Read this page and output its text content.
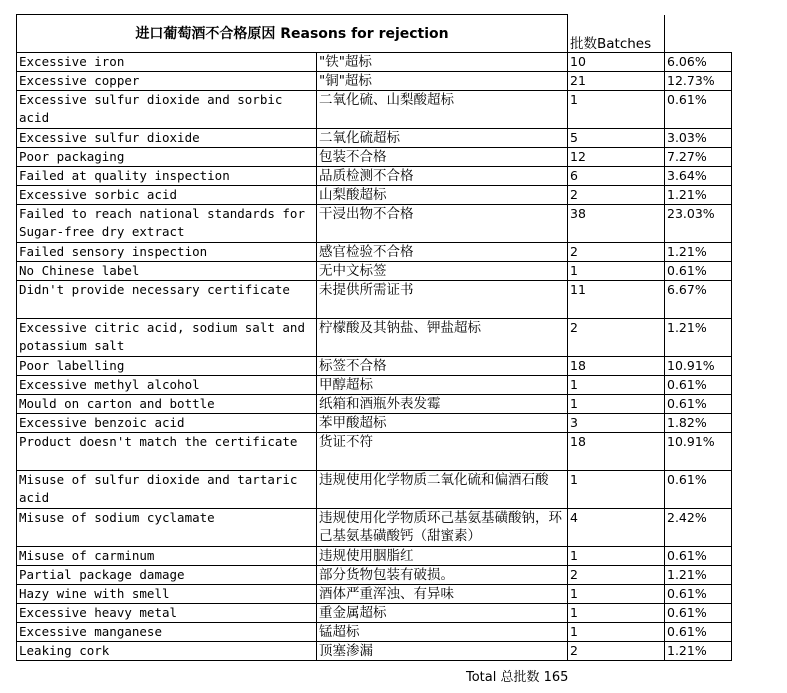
进口葡萄酒不合格原因 Reasons for rejection		批数Batches	
Excessive iron	"铁"超标	10	6.06%
Excessive copper	"铜"超标	21	12.73%
Excessive sulfur dioxide and sorbic acid	二氧化硫、山梨酸超标	1	0.61%
Excessive sulfur dioxide	二氧化硫超标	5	3.03%
Poor packaging	包装不合格	12	7.27%
Failed at quality inspection	品质检测不合格	6	3.64%
Excessive sorbic acid	山梨酸超标	2	1.21%
Failed to reach national standards for Sugar-free dry extract	干浸出物不合格	38	23.03%
Failed sensory inspection	感官检验不合格	2	1.21%
No Chinese label	无中文标签	1	0.61%
Didn't provide necessary certificate	未提供所需证书	11	6.67%
Excessive citric acid, sodium salt and potassium salt	柠檬酸及其钠盐、钾盐超标	2	1.21%
Poor labelling	标签不合格	18	10.91%
Excessive methyl alcohol	甲醇超标	1	0.61%
Mould on carton and bottle	纸箱和酒瓶外表发霉	1	0.61%
Excessive benzoic acid	苯甲酸超标	3	1.82%
Product doesn't match the certificate	货证不符	18	10.91%
Misuse of sulfur dioxide and tartaric acid	违规使用化学物质二氧化硫和偏酒石酸	1	0.61%
Misuse of sodium cyclamate	违规使用化学物质环己基氨基磺酸钠，环己基氨基磺酸钙（甜蜜素）	4	2.42%
Misuse of carminum	违规使用胭脂红	1	0.61%
Partial package damage	部分货物包装有破损。	2	1.21%
Hazy wine with smell	酒体严重浑浊、有异味	1	0.61%
Excessive heavy metal	重金属超标	1	0.61%
Excessive manganese	锰超标	1	0.61%
Leaking cork	顶塞渗漏	2	1.21%
Total 总批数 165
